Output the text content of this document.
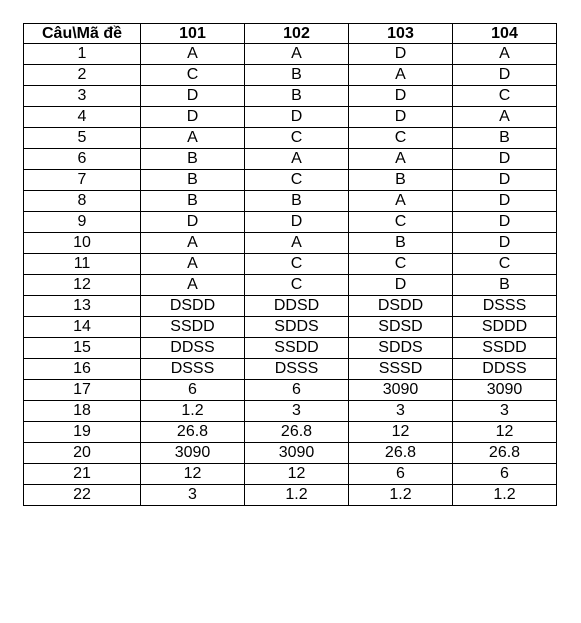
Câu\Mã đề	101	102	103	104
1	A	A	D	A
2	C	B	A	D
3	D	B	D	C
4	D	D	D	A
5	A	C	C	B
6	B	A	A	D
7	B	C	B	D
8	B	B	A	D
9	D	D	C	D
10	A	A	B	D
11	A	C	C	C
12	A	C	D	B
13	DSDD	DDSD	DSDD	DSSS
14	SSDD	SDDS	SDSD	SDDD
15	DDSS	SSDD	SDDS	SSDD
16	DSSS	DSSS	SSSD	DDSS
17	6	6	3090	3090
18	1.2	3	3	3
19	26.8	26.8	12	12
20	3090	3090	26.8	26.8
21	12	12	6	6
22	3	1.2	1.2	1.2
